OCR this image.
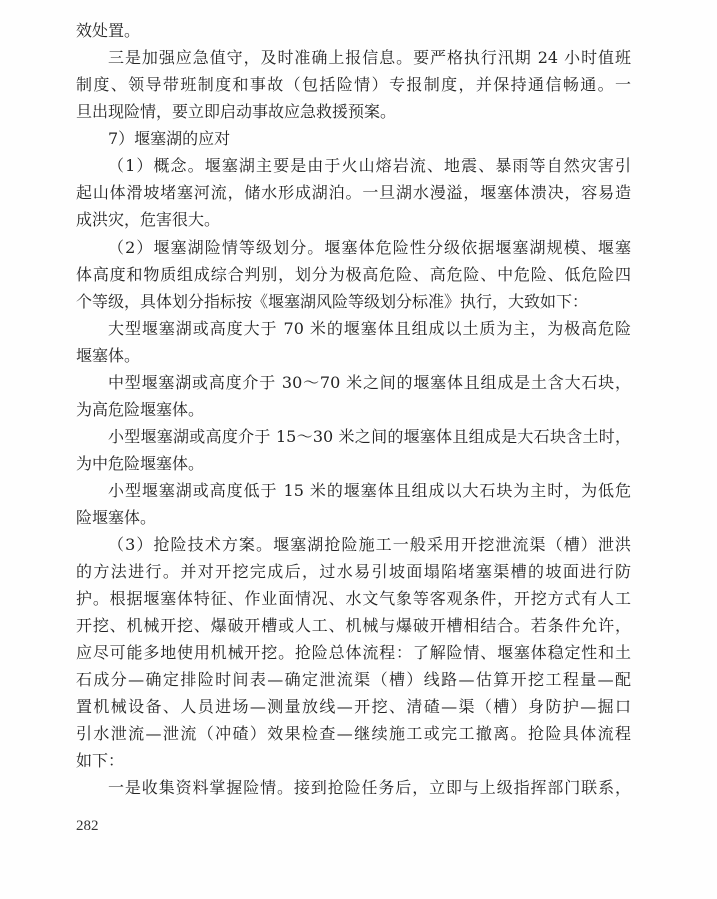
效处置。
三是加强应急值守，及时准确上报信息。要严格执行汛期 24 小时值班
制度、领导带班制度和事故（包括险情）专报制度，并保持通信畅通。一
旦出现险情，要立即启动事故应急救援预案。
7）堰塞湖的应对
（1）概念。堰塞湖主要是由于火山熔岩流、地震、暴雨等自然灾害引
起山体滑坡堵塞河流，储水形成湖泊。一旦湖水漫溢，堰塞体溃决，容易造
成洪灾，危害很大。
（2）堰塞湖险情等级划分。堰塞体危险性分级依据堰塞湖规模、堰塞
体高度和物质组成综合判别，划分为极高危险、高危险、中危险、低危险四
个等级，具体划分指标按《堰塞湖风险等级划分标准》执行，大致如下：
大型堰塞湖或高度大于 70 米的堰塞体且组成以土质为主，为极高危险
堰塞体。
中型堰塞湖或高度介于 30～70 米之间的堰塞体且组成是土含大石块，
为高危险堰塞体。
小型堰塞湖或高度介于 15～30 米之间的堰塞体且组成是大石块含土时，
为中危险堰塞体。
小型堰塞湖或高度低于 15 米的堰塞体且组成以大石块为主时，为低危
险堰塞体。
（3）抢险技术方案。堰塞湖抢险施工一般采用开挖泄流渠（槽）泄洪
的方法进行。并对开挖完成后，过水易引坡面塌陷堵塞渠槽的坡面进行防
护。根据堰塞体特征、作业面情况、水文气象等客观条件，开挖方式有人工
开挖、机械开挖、爆破开槽或人工、机械与爆破开槽相结合。若条件允许，
应尽可能多地使用机械开挖。抢险总体流程：了解险情、堰塞体稳定性和土
石成分—确定排险时间表—确定泄流渠（槽）线路—估算开挖工程量—配
置机械设备、人员进场—测量放线—开挖、清碴—渠（槽）身防护—掘口
引水泄流—泄流（冲碴）效果检查—继续施工或完工撤离。抢险具体流程
如下：
一是收集资料掌握险情。接到抢险任务后，立即与上级指挥部门联系，
282
